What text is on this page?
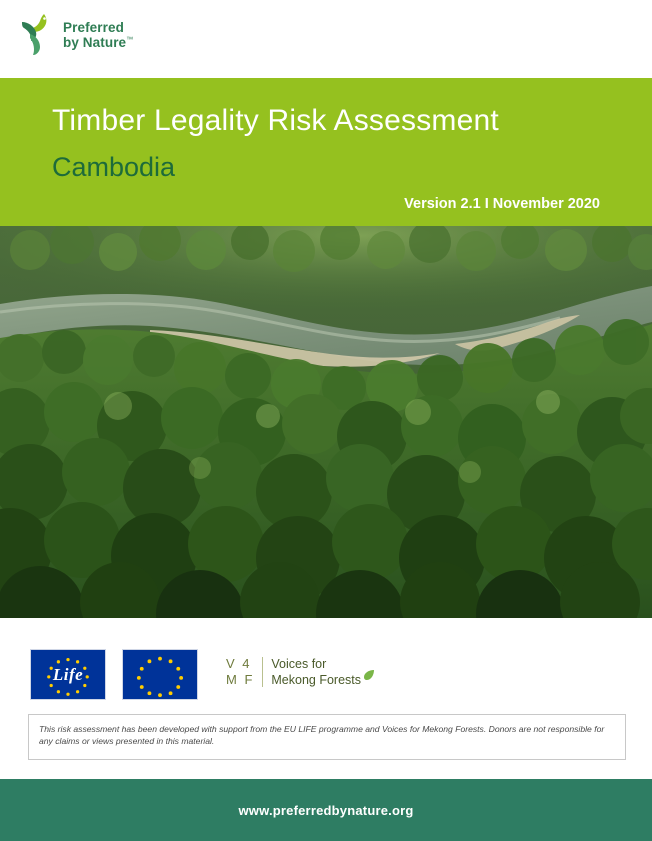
Preferred
by Nature™
Timber Legality Risk Assessment
Cambodia
Version 2.1 I November 2020
Life
V 4
M F
Voices for
Mekong Forests

This risk assessment has been developed with support from the EU LIFE programme and Voices for Mekong Forests. Donors are not responsible for any claims or views presented in this material.

www.preferredbynature.org
